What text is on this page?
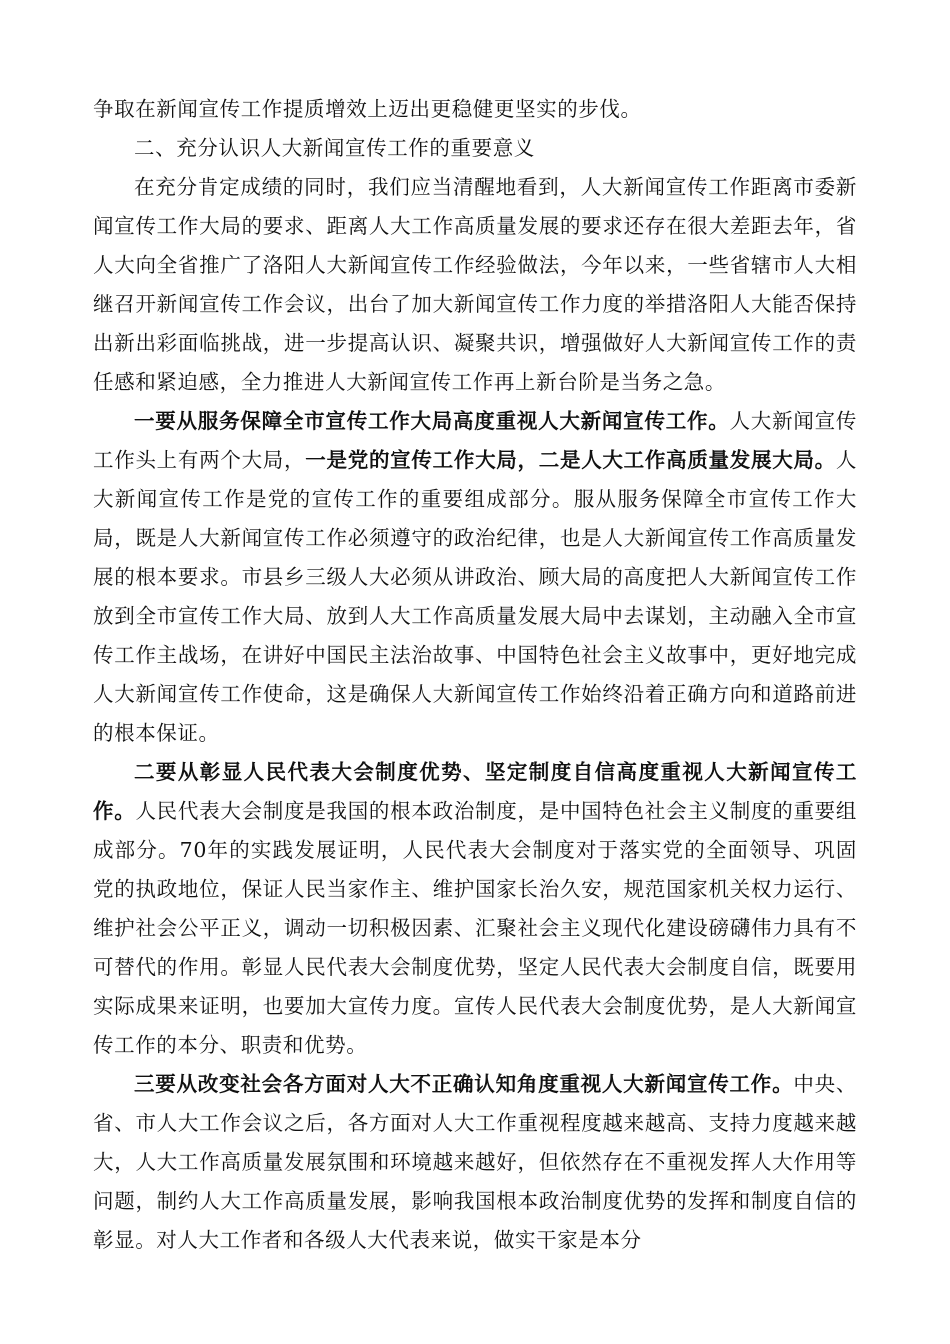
争取在新闻宣传工作提质增效上迈出更稳健更坚实的步伐。

二、充分认识人大新闻宣传工作的重要意义

在充分肯定成绩的同时，我们应当清醒地看到，人大新闻宣传工作距离市委新闻宣传工作大局的要求、距离人大工作高质量发展的要求还存在很大差距去年，省人大向全省推广了洛阳人大新闻宣传工作经验做法，今年以来，一些省辖市人大相继召开新闻宣传工作会议，出台了加大新闻宣传工作力度的举措洛阳人大能否保持出新出彩面临挑战，进一步提高认识、凝聚共识，增强做好人大新闻宣传工作的责任感和紧迫感，全力推进人大新闻宣传工作再上新台阶是当务之急。

一要从服务保障全市宣传工作大局高度重视人大新闻宣传工作。人大新闻宣传工作头上有两个大局，一是党的宣传工作大局，二是人大工作高质量发展大局。人大新闻宣传工作是党的宣传工作的重要组成部分。服从服务保障全市宣传工作大局，既是人大新闻宣传工作必须遵守的政治纪律，也是人大新闻宣传工作高质量发展的根本要求。市县乡三级人大必须从讲政治、顾大局的高度把人大新闻宣传工作放到全市宣传工作大局、放到人大工作高质量发展大局中去谋划，主动融入全市宣传工作主战场，在讲好中国民主法治故事、中国特色社会主义故事中，更好地完成人大新闻宣传工作使命，这是确保人大新闻宣传工作始终沿着正确方向和道路前进的根本保证。

二要从彰显人民代表大会制度优势、坚定制度自信高度重视人大新闻宣传工作。人民代表大会制度是我国的根本政治制度，是中国特色社会主义制度的重要组成部分。70年的实践发展证明，人民代表大会制度对于落实党的全面领导、巩固党的执政地位，保证人民当家作主、维护国家长治久安，规范国家机关权力运行、维护社会公平正义，调动一切积极因素、汇聚社会主义现代化建设磅礴伟力具有不可替代的作用。彰显人民代表大会制度优势，坚定人民代表大会制度自信，既要用实际成果来证明，也要加大宣传力度。宣传人民代表大会制度优势，是人大新闻宣传工作的本分、职责和优势。

三要从改变社会各方面对人大不正确认知角度重视人大新闻宣传工作。中央、省、市人大工作会议之后，各方面对人大工作重视程度越来越高、支持力度越来越大，人大工作高质量发展氛围和环境越来越好，但依然存在不重视发挥人大作用等问题，制约人大工作高质量发展，影响我国根本政治制度优势的发挥和制度自信的彰显。对人大工作者和各级人大代表来说，做实干家是本分
